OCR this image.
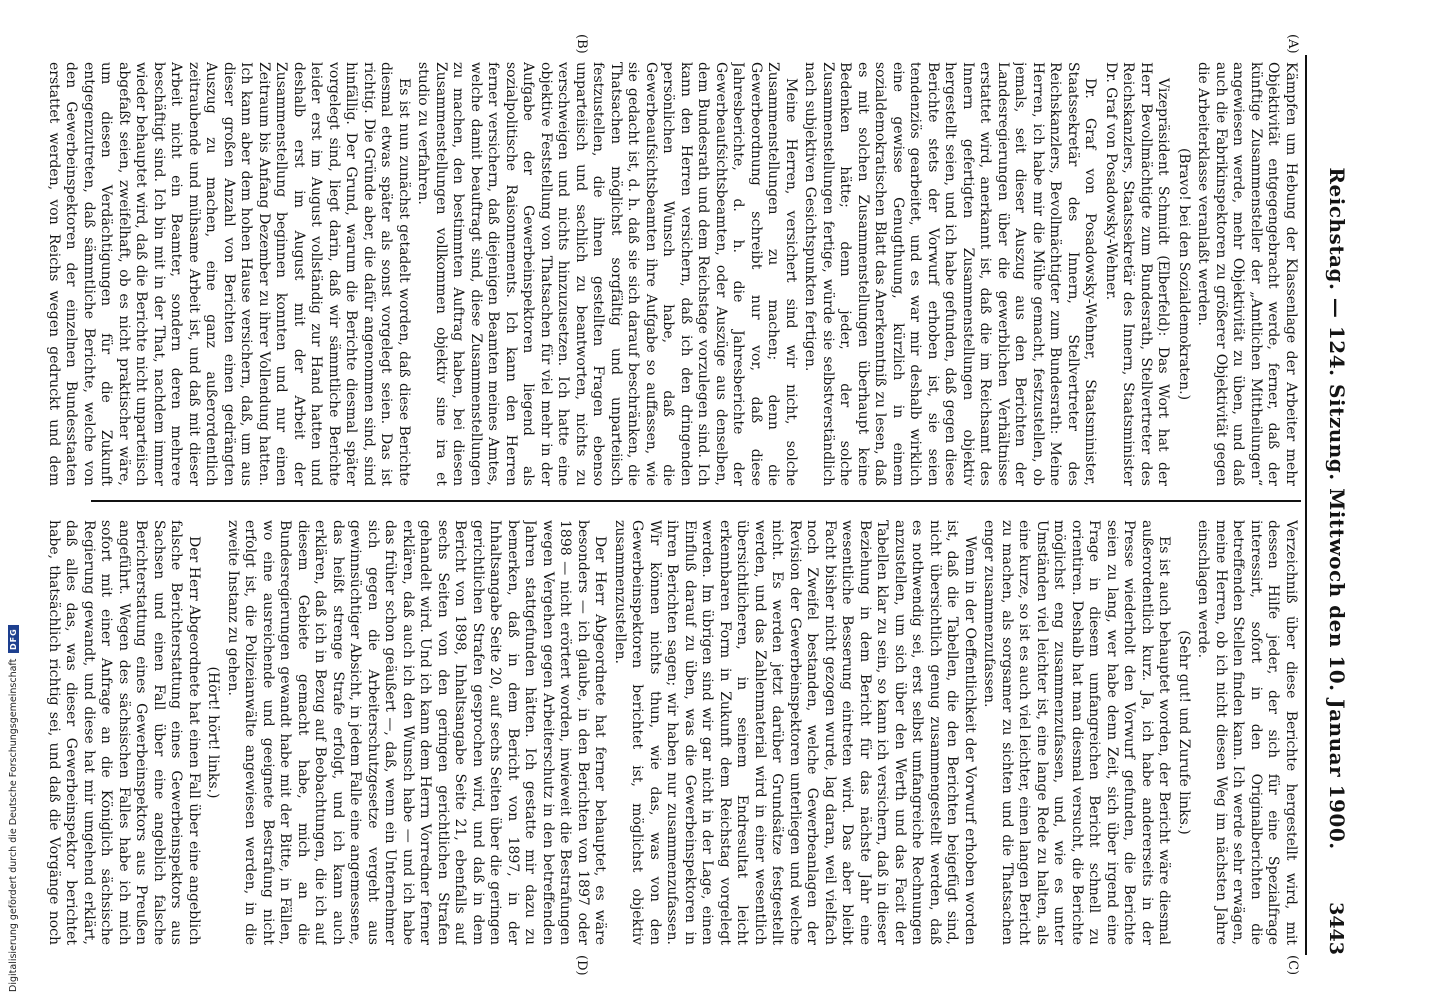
Digitalisierung gefördert durch die Deutsche Forschungsgemeinschaft
DFG	Reichstag. — 124. Sitzung. Mittwoch den 10. Januar 1900.
3443
(A)
(B)
(C)
(D)

Kämpfen um Hebung der Klassenlage der Arbeiter mehr Objektivität entgegengebracht werde, ferner, daß der künftige Zusammensteller der „Amtlichen Mittheilungen“ angewiesen werde, mehr Objektivität zu üben, und daß auch die Fabrikinspektoren zu größerer Objektivität gegen die Arbeiterklasse veranlaßt werden.

(Bravo! bei den Sozialdemokraten.)

Vizepräsident Schmidt (Elberfeld): Das Wort hat der Herr Bevollmächtigte zum Bundesrath, Stellvertreter des Reichskanzlers, Staatssekretär des Innern, Staatsminister Dr. Graf von Posadowsky-Wehner.

Dr. Graf von Posadowsky-Wehner, Staatsminister, Staatssekretär des Innern, Stellvertreter des Reichskanzlers, Bevollmächtigter zum Bundesrath: Meine Herren, ich habe mir die Mühe gemacht, festzustellen, ob jemals, seit dieser Auszug aus den Berichten der Landesregierungen über die gewerblichen Verhältnisse erstattet wird, anerkannt ist, daß die im Reichsamt des Innern gefertigten Zusammenstellungen objektiv hergestellt seien, und ich habe gefunden, daß gegen diese Berichte stets der Vorwurf erhoben ist, sie seien tendenziös gearbeitet, und es war mir deshalb wirklich eine gewisse Genugthuung, kürzlich in einem sozialdemokratischen Blatt das Anerkenntniß zu lesen, daß es mit solchen Zusammenstellungen überhaupt keine Bedenken hätte; denn jeder, der solche Zusammenstellungen fertige, würde sie selbstverständlich nach subjektiven Gesichtspunkten fertigen.

Meine Herren, versichert sind wir nicht, solche Zusammenstellungen zu machen; denn die Gewerbeordnung schreibt nur vor, daß diese Jahresberichte, d. h. die Jahresberichte der Gewerbeaufsichtsbeamten, oder Auszüge aus denselben, dem Bundesrath und dem Reichstage vorzulegen sind. Ich kann den Herren versichern, daß ich den dringenden persönlichen Wunsch habe, daß die Gewerbeaufsichtsbeamten ihre Aufgabe so auffassen, wie sie gedacht ist, d. h. daß sie sich darauf beschränken, die Thatsachen möglichst sorgfältig und unparteiisch festzustellen, die ihnen gestellten Fragen ebenso unparteiisch und sachlich zu beantworten, nichts zu verschweigen und nichts hinzuzusetzen. Ich hatte eine objektive Feststellung von Thatsachen für viel mehr in der Aufgabe der Gewerbeinspektoren liegend als sozialpolitische Raisonnements. Ich kann den Herren ferner versichern, daß diejenigen Beamten meines Amtes, welche damit beauftragt sind, diese Zusammenstellungen zu machen, den bestimmten Auftrag haben, bei diesen Zusammenstellungen vollkommen objektiv sine ira et studio zu verfahren.

Es ist nun zunächst getadelt worden, daß diese Berichte diesmal etwas später als sonst vorgelegt seien. Das ist richtig. Die Gründe aber, die dafür angenommen sind, sind hinfällig. Der Grund, warum die Berichte diesmal später vorgelegt sind, liegt darin, daß wir sämmtliche Berichte leider erst im August vollständig zur Hand hatten und deshalb erst im August mit der Arbeit der Zusammenstellung beginnen konnten und nur einen Zeitraum bis Anfang Dezember zu ihrer Vollendung hatten. Ich kann aber dem hohen Hause versichern, daß, um aus dieser großen Anzahl von Berichten einen gedrängten Auszug zu machen, eine ganz außerordentlich zeitraubende und mühsame Arbeit ist, und daß mit dieser Arbeit nicht ein Beamter, sondern deren mehrere beschäftigt sind. Ich bin mit in der That, nachdem immer wieder behauptet wird, daß die Berichte nicht unparteiisch abgefaßt seien, zweifelhaft, ob es nicht praktischer wäre, um diesen Verdächtigungen für die Zukunft entgegenzutreten, daß sämmtliche Berichte, welche von den Gewerbeinspektoren der einzelnen Bundesstaaten erstattet werden, von Reichs wegen gedruckt und dem

Verzeichniß über diese Berichte hergestellt wird, mit dessen Hilfe jeder, der sich für eine Spezialfrage interessirt, sofort in den Originalberichten die betreffenden Stellen finden kann. Ich werde sehr erwägen, meine Herren, ob ich nicht diesen Weg im nächsten Jahre einschlagen werde.

(Sehr gut! und Zurufe links.)

Es ist auch behauptet worden, der Bericht wäre diesmal außerordentlich kurz. Ja, ich habe andererseits in der Presse wiederholt den Vorwurf gefunden, die Berichte seien zu lang, wer habe denn Zeit, sich über irgend eine Frage in diesem umfangreichen Bericht schnell zu orientiren. Deshalb hat man diesmal versucht, die Berichte möglichst eng zusammenzufassen, und, wie es unter Umständen viel leichter ist, eine lange Rede zu halten, als eine kurze, so ist es auch viel leichter, einen langen Bericht zu machen, als sorgsamer zu sichten und die Thatsachen enger zusammenzufassen.

Wenn in der Oeffentlichkeit der Vorwurf erhoben worden ist, daß die Tabellen, die den Berichten beigefügt sind, nicht übersichtlich genug zusammengestellt werden, daß es nothwendig sei, erst selbst umfangreiche Rechnungen anzustellen, um sich über den Werth und das Facit der Tabellen klar zu sein, so kann ich versichern, daß in dieser Beziehung in dem Bericht für das nächste Jahr eine wesentliche Besserung eintreten wird. Das aber bleibt Facht bisher nicht gezogen wurde, lag daran, weil vielfach noch Zweifel bestanden, welche Gewerbeanlagen der Revision der Gewerbeinspektoren unterliegen und welche nicht. Es werden jetzt darüber Grundsätze festgestellt werden, und das Zahlenmaterial wird in einer wesentlich übersichtlicheren, in seinem Endresultat leicht erkennbaren Form in Zukunft dem Reichstag vorgelegt werden. Im übrigen sind wir gar nicht in der Lage, einen Einfluß darauf zu üben, was die Gewerbeinspektoren in ihren Berichten sagen; wir haben nur zusammenzufassen. Wir können nichts thun, wie das, was von den Gewerbeinspektoren berichtet ist, möglichst objektiv zusammenzustellen.

Der Herr Abgeordnete hat ferner behauptet, es wäre besonders — ich glaube, in den Berichten von 1897 oder 1898 — nicht erörtert worden, inwieweit die Bestrafungen wegen Vergehen gegen Arbeiterschutz in den betreffenden Jahren stattgefunden hätten. Ich gestatte mir dazu zu bemerken, daß in dem Bericht von 1897, in der Inhaltsangabe Seite 20, auf sechs Seiten über die geringen gerichtlichen Strafen gesprochen wird, und daß in dem Bericht von 1898, Inhaltsangabe Seite 21, ebenfalls auf sechs Seiten von den geringen gerichtlichen Strafen gehandelt wird. Und ich kann dem Herrn Vorredner ferner erklären, daß auch ich den Wunsch habe — und ich habe das früher schon geäußert —, daß, wenn ein Unternehmer sich gegen die Arbeiterschutzgesetze vergeht aus gewinnsüchtiger Absicht, in jedem Falle eine angemessene, das heißt strenge Strafe erfolgt, und ich kann auch erklären, daß ich in Bezug auf Beobachtungen, die ich auf diesem Gebiete gemacht habe, mich an die Bundesregierungen gewandt habe mit der Bitte, in Fällen, wo eine ausreichende und geeignete Bestrafung nicht erfolgt ist, die Polizeianwälte angewiesen werden, in die zweite Instanz zu gehen.

(Hört! hört! links.)

Der Herr Abgeordnete hat einen Fall über eine angeblich falsche Berichterstattung eines Gewerbeinspektors aus Sachsen und einen Fall über eine angeblich falsche Berichterstattung eines Gewerbeinspektors aus Preußen angeführt. Wegen des sächsischen Falles habe ich mich sofort mit einer Anfrage an die Königlich sächsische Regierung gewandt, und diese hat mir umgehend erklärt, daß alles das, was dieser Gewerbeinspektor berichtet habe, thatsächlich richtig sei, und daß die Vorgänge noch
